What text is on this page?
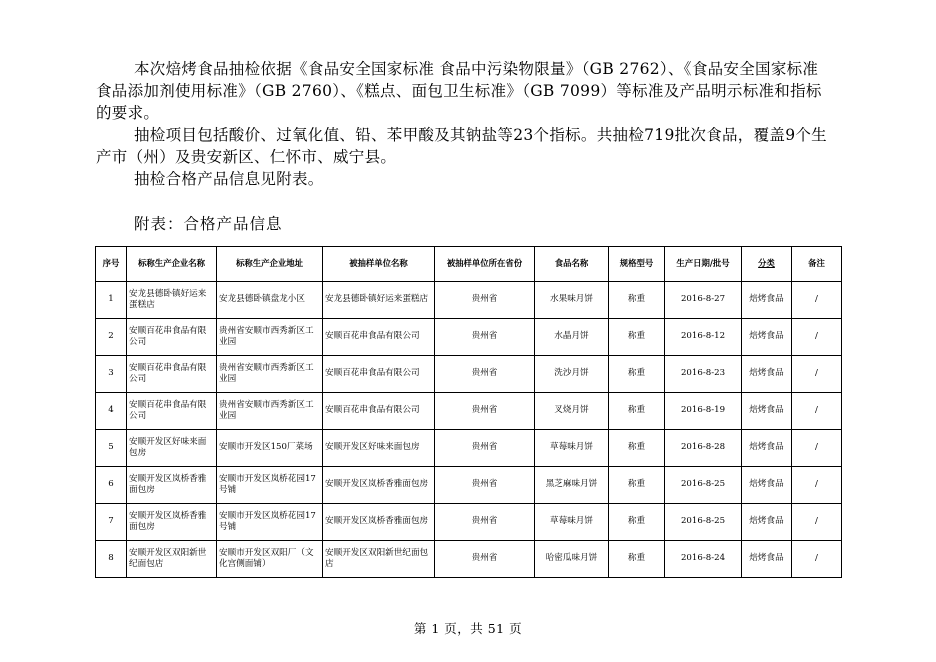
本次焙烤食品抽检依据《食品安全国家标准 食品中污染物限量》（GB 2762）、《食品安全国家标准 食品添加剂使用标准》（GB 2760）、《糕点、面包卫生标准》（GB 7099）等标准及产品明示标准和指标的要求。

抽检项目包括酸价、过氧化值、铅、苯甲酸及其钠盐等23个指标。共抽检719批次食品，覆盖9个生产市（州）及贵安新区、仁怀市、威宁县。

抽检合格产品信息见附表。

附表：合格产品信息
序号	标称生产企业名称	标称生产企业地址	被抽样单位名称	被抽样单位所在省份	食品名称	规格型号	生产日期/批号	分类	备注
1	安龙县德卧镇好运来蛋糕店	安龙县德卧镇盘龙小区	安龙县德卧镇好运来蛋糕店	贵州省	水果味月饼	称重	2016-8-27	焙烤食品	/
2	安顺百花串食品有限公司	贵州省安顺市西秀新区工业园	安顺百花串食品有限公司	贵州省	水晶月饼	称重	2016-8-12	焙烤食品	/
3	安顺百花串食品有限公司	贵州省安顺市西秀新区工业园	安顺百花串食品有限公司	贵州省	洗沙月饼	称重	2016-8-23	焙烤食品	/
4	安顺百花串食品有限公司	贵州省安顺市西秀新区工业园	安顺百花串食品有限公司	贵州省	叉烧月饼	称重	2016-8-19	焙烤食品	/
5	安顺开发区好味来面包房	安顺市开发区150厂菜场	安顺开发区好味来面包房	贵州省	草莓味月饼	称重	2016-8-28	焙烤食品	/
6	安顺开发区岚桥香雅面包房	安顺市开发区岚桥花园17号铺	安顺开发区岚桥香雅面包房	贵州省	黑芝麻味月饼	称重	2016-8-25	焙烤食品	/
7	安顺开发区岚桥香雅面包房	安顺市开发区岚桥花园17号铺	安顺开发区岚桥香雅面包房	贵州省	草莓味月饼	称重	2016-8-25	焙烤食品	/
8	安顺开发区双阳新世纪面包店	安顺市开发区双阳厂（文化宫侧面铺）	安顺开发区双阳新世纪面包店	贵州省	哈密瓜味月饼	称重	2016-8-24	焙烤食品	/
第 1 页，共 51 页
